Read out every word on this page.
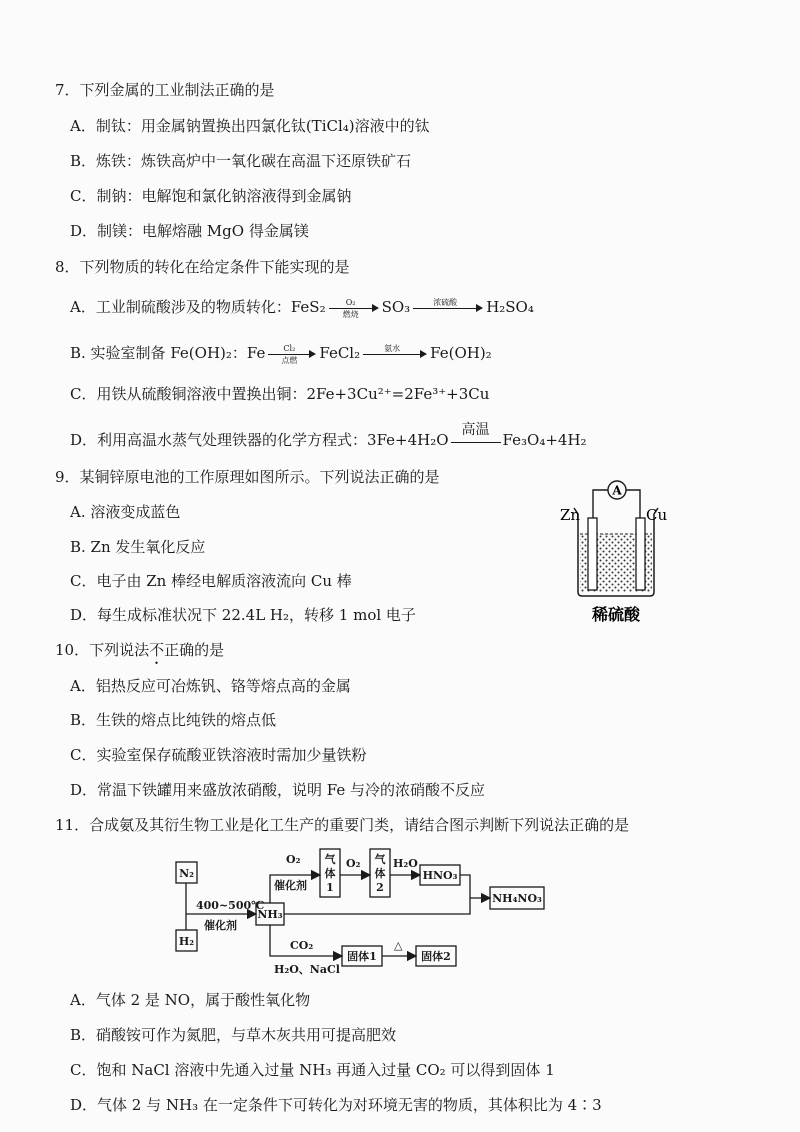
7．下列金属的工业制法正确的是
A．制钛：用金属钠置换出四氯化钛(TiCl₄)溶液中的钛
B．炼铁：炼铁高炉中一氧化碳在高温下还原铁矿石
C．制钠：电解饱和氯化钠溶液得到金属钠
D．制镁：电解熔融 MgO 得金属镁
8．下列物质的转化在给定条件下能实现的是
A．工业制硫酸涉及的物质转化：FeS₂	O₂
燃烧	SO₃	浓硫酸	H₂SO₄
B. 实验室制备 Fe(OH)₂：Fe	Cl₂
点燃	FeCl₂	氨水	Fe(OH)₂
C．用铁从硫酸铜溶液中置换出铜：2Fe+3Cu²⁺=2Fe³⁺+3Cu
D．利用高温水蒸气处理铁器的化学方程式：3Fe+4H₂O
高温
Fe₃O₄+4H₂
9．某铜锌原电池的工作原理如图所示。下列说法正确的是
A. 溶液变成蓝色
B. Zn 发生氧化反应
C．电子由 Zn 棒经电解质溶液流向 Cu 棒
D．每生成标准状况下 22.4L H₂，转移 1 mol 电子
A
Zn	Cu
稀硫酸
10．下列说法不正确的是
A．铝热反应可冶炼钒、铬等熔点高的金属
B．生铁的熔点比纯铁的熔点低
C．实验室保存硫酸亚铁溶液时需加少量铁粉
D．常温下铁罐用来盛放浓硝酸，说明 Fe 与冷的浓硝酸不反应
11．合成氨及其衍生物工业是化工生产的重要门类，请结合图示判断下列说法正确的是
N₂
H₂
NH₃
400~500℃
催化剂
O₂
催化剂
气
体
1
O₂ 气
体
2
H₂O
HNO₃
NH₄NO₃
CO₂
H₂O、NaCl
固体1
△
固体2
A．气体 2 是 NO，属于酸性氧化物
B．硝酸铵可作为氮肥，与草木灰共用可提高肥效
C．饱和 NaCl 溶液中先通入过量 NH₃ 再通入过量 CO₂ 可以得到固体 1
D．气体 2 与 NH₃ 在一定条件下可转化为对环境无害的物质，其体积比为 4∶3
